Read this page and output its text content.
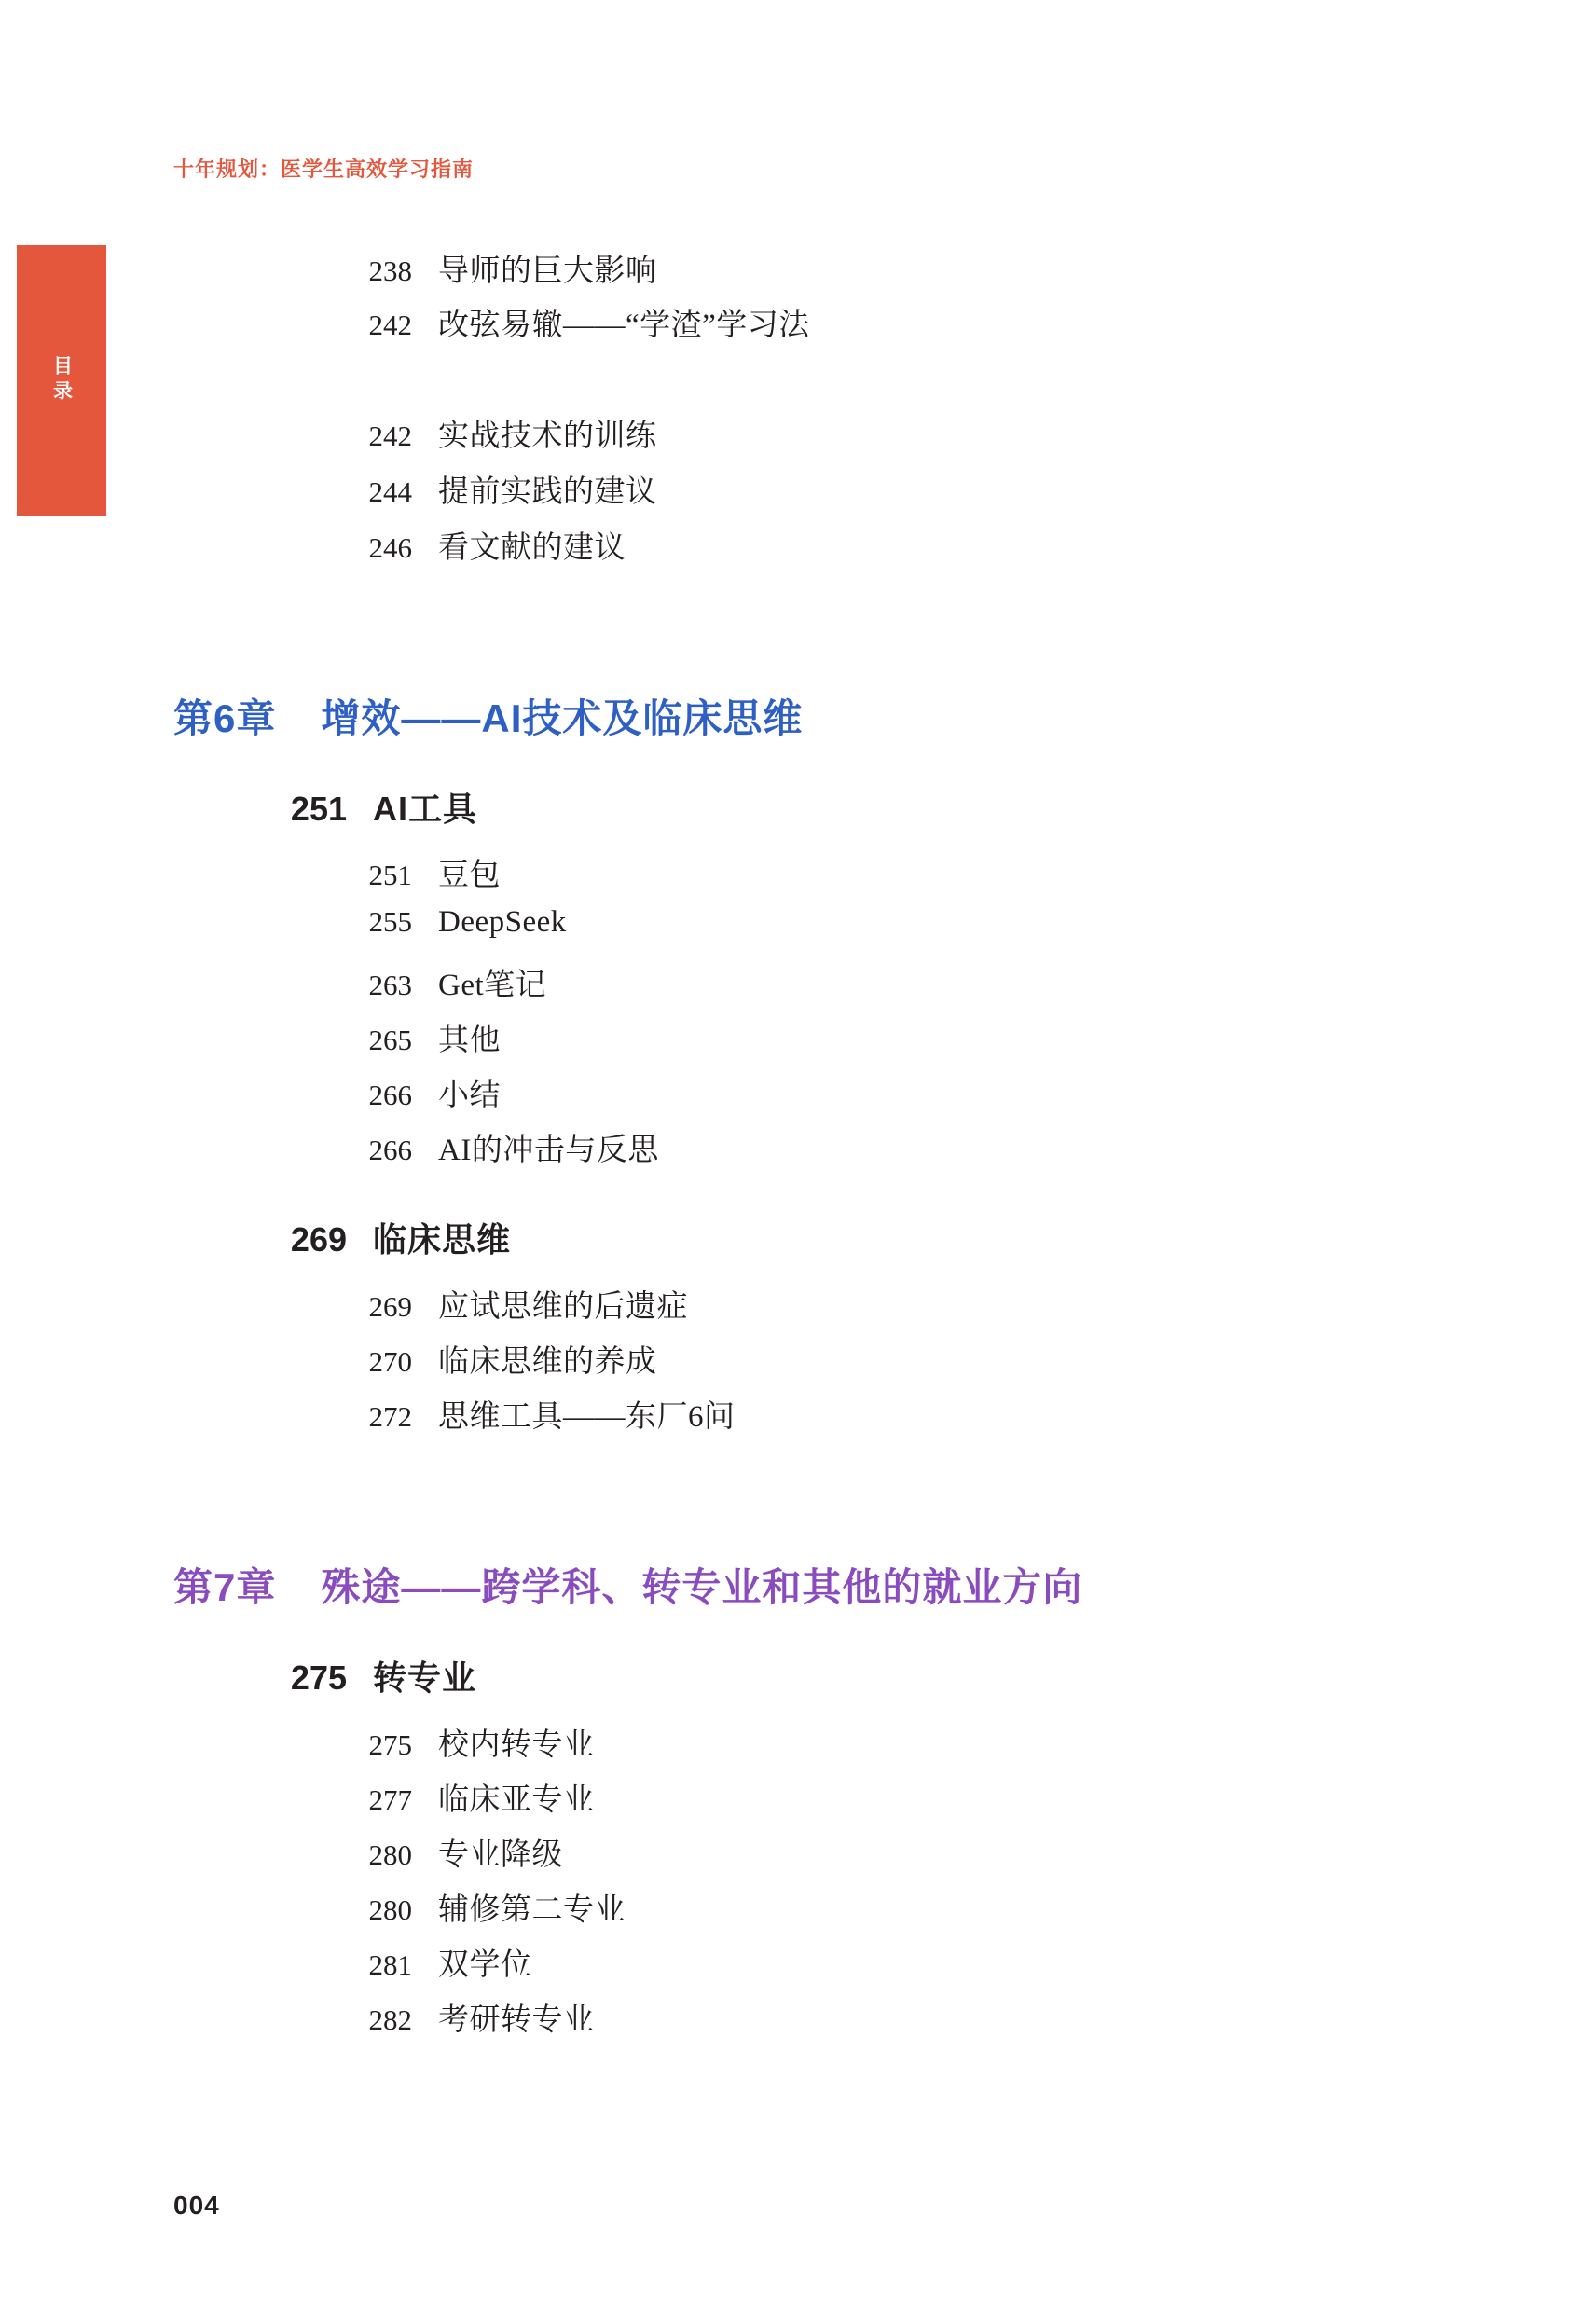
十年规划：医学生高效学习指南
目录
238 导师的巨大影响
242 改弦易辙——“学渣”学习法
242 实战技术的训练
244 提前实践的建议
246 看文献的建议
第6章 增效——AI技术及临床思维
251 AI工具
251 豆包
255 DeepSeek
263 Get笔记
265 其他
266 小结
266 AI的冲击与反思
269 临床思维
269 应试思维的后遗症
270 临床思维的养成
272 思维工具——东厂6问
第7章 殊途——跨学科、转专业和其他的就业方向
275 转专业
275 校内转专业
277 临床亚专业
280 专业降级
280 辅修第二专业
281 双学位
282 考研转专业
004
